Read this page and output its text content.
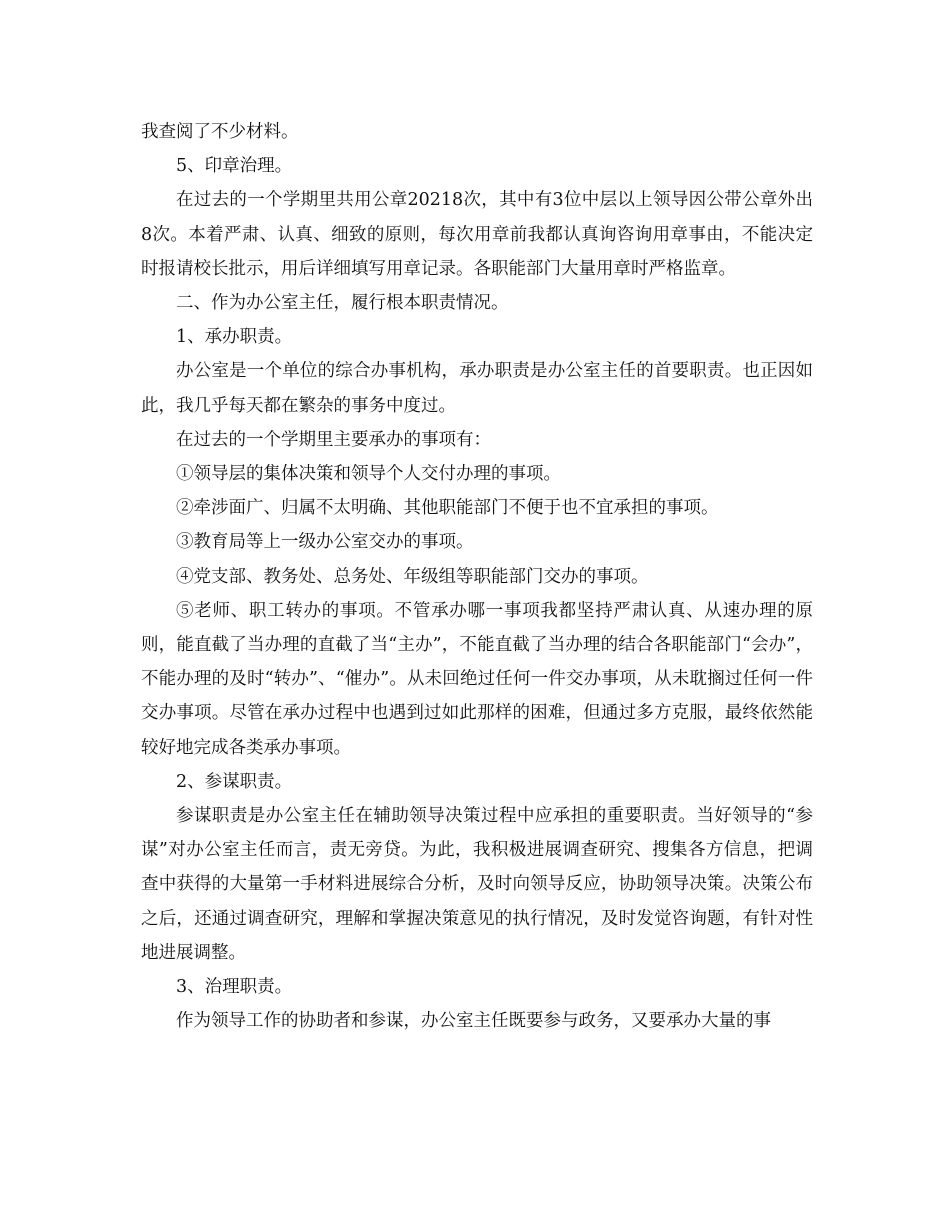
我查阅了不少材料。

5、印章治理。

在过去的一个学期里共用公章20218次，其中有3位中层以上领导因公带公章外出8次。本着严肃、认真、细致的原则，每次用章前我都认真询咨询用章事由，不能决定时报请校长批示，用后详细填写用章记录。各职能部门大量用章时严格监章。

二、作为办公室主任，履行根本职责情况。

1、承办职责。

办公室是一个单位的综合办事机构，承办职责是办公室主任的首要职责。也正因如此，我几乎每天都在繁杂的事务中度过。

在过去的一个学期里主要承办的事项有：

①领导层的集体决策和领导个人交付办理的事项。

②牵涉面广、归属不太明确、其他职能部门不便于也不宜承担的事项。

③教育局等上一级办公室交办的事项。

④党支部、教务处、总务处、年级组等职能部门交办的事项。

⑤老师、职工转办的事项。不管承办哪一事项我都坚持严肃认真、从速办理的原则，能直截了当办理的直截了当“主办”，不能直截了当办理的结合各职能部门“会办”，不能办理的及时“转办”、“催办”。从未回绝过任何一件交办事项，从未耽搁过任何一件交办事项。尽管在承办过程中也遇到过如此那样的困难，但通过多方克服，最终依然能较好地完成各类承办事项。

2、参谋职责。

参谋职责是办公室主任在辅助领导决策过程中应承担的重要职责。当好领导的“参谋”对办公室主任而言，责无旁贷。为此，我积极进展调查研究、搜集各方信息，把调查中获得的大量第一手材料进展综合分析，及时向领导反应，协助领导决策。决策公布之后，还通过调查研究，理解和掌握决策意见的执行情况，及时发觉咨询题，有针对性地进展调整。

3、治理职责。

作为领导工作的协助者和参谋，办公室主任既要参与政务，又要承办大量的事
